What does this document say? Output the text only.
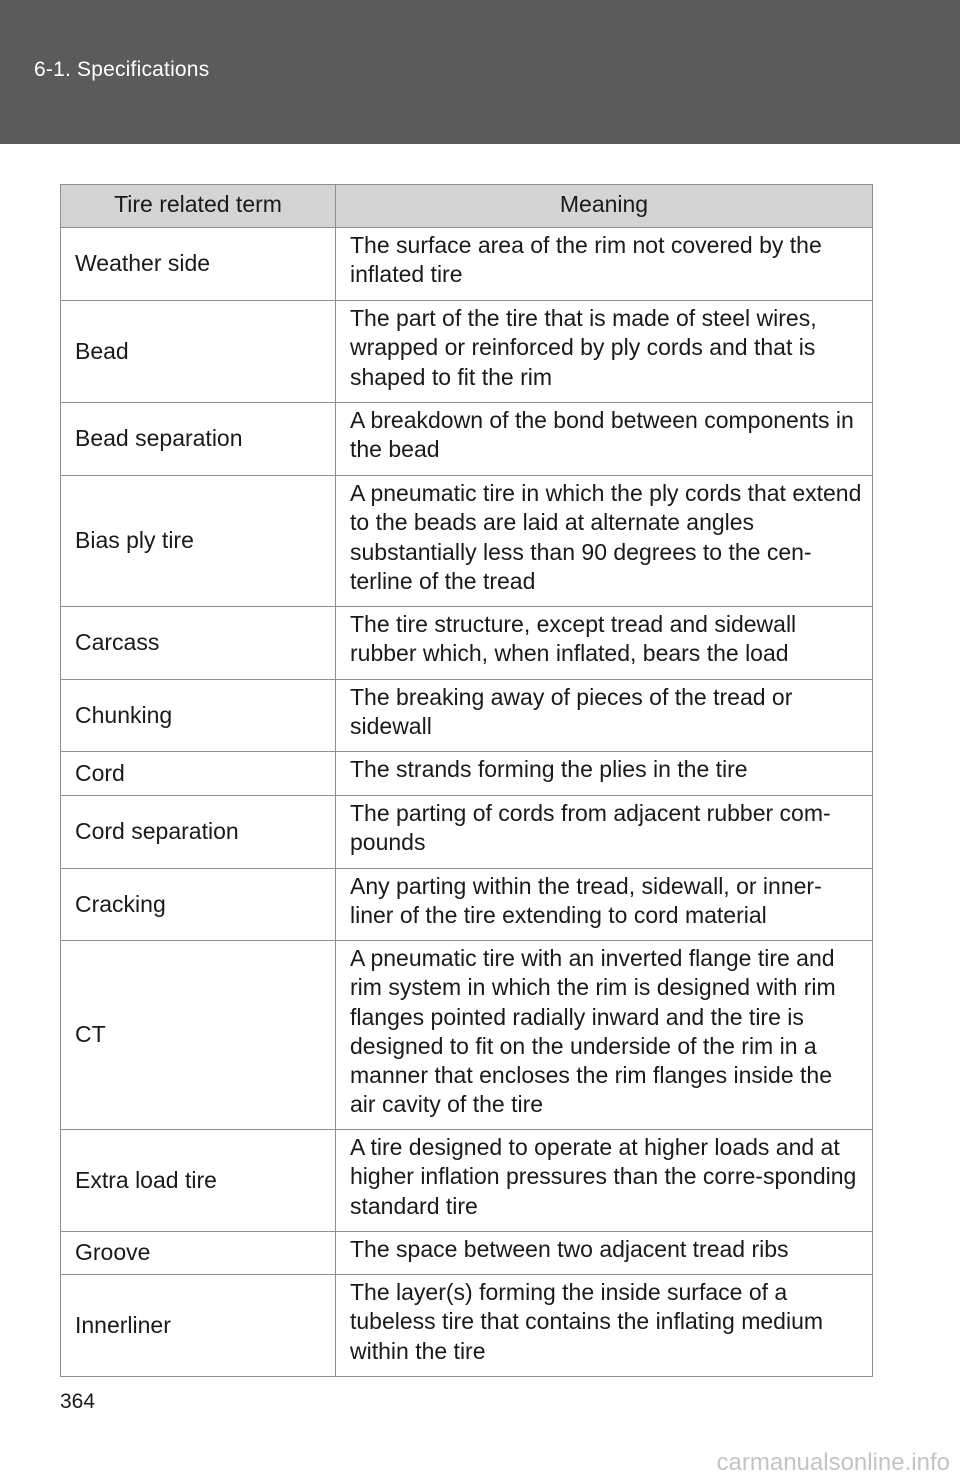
6-1. Specifications
Tire related term	Meaning
Weather side	The surface area of the rim not covered by the inflated tire
Bead	The part of the tire that is made of steel wires, wrapped or reinforced by ply cords and that is shaped to fit the rim
Bead separation	A breakdown of the bond between components in the bead
Bias ply tire	A pneumatic tire in which the ply cords that extend to the beads are laid at alternate angles substantially less than 90 degrees to the cen-terline of the tread
Carcass	The tire structure, except tread and sidewall rubber which, when inflated, bears the load
Chunking	The breaking away of pieces of the tread or sidewall
Cord	The strands forming the plies in the tire
Cord separation	The parting of cords from adjacent rubber com-pounds
Cracking	Any parting within the tread, sidewall, or inner-liner of the tire extending to cord material
CT	A pneumatic tire with an inverted flange tire and rim system in which the rim is designed with rim flanges pointed radially inward and the tire is designed to fit on the underside of the rim in a manner that encloses the rim flanges inside the air cavity of the tire
Extra load tire	A tire designed to operate at higher loads and at higher inflation pressures than the corre-sponding standard tire
Groove	The space between two adjacent tread ribs
Innerliner	The layer(s) forming the inside surface of a tubeless tire that contains the inflating medium within the tire
364
carmanualsonline.info
